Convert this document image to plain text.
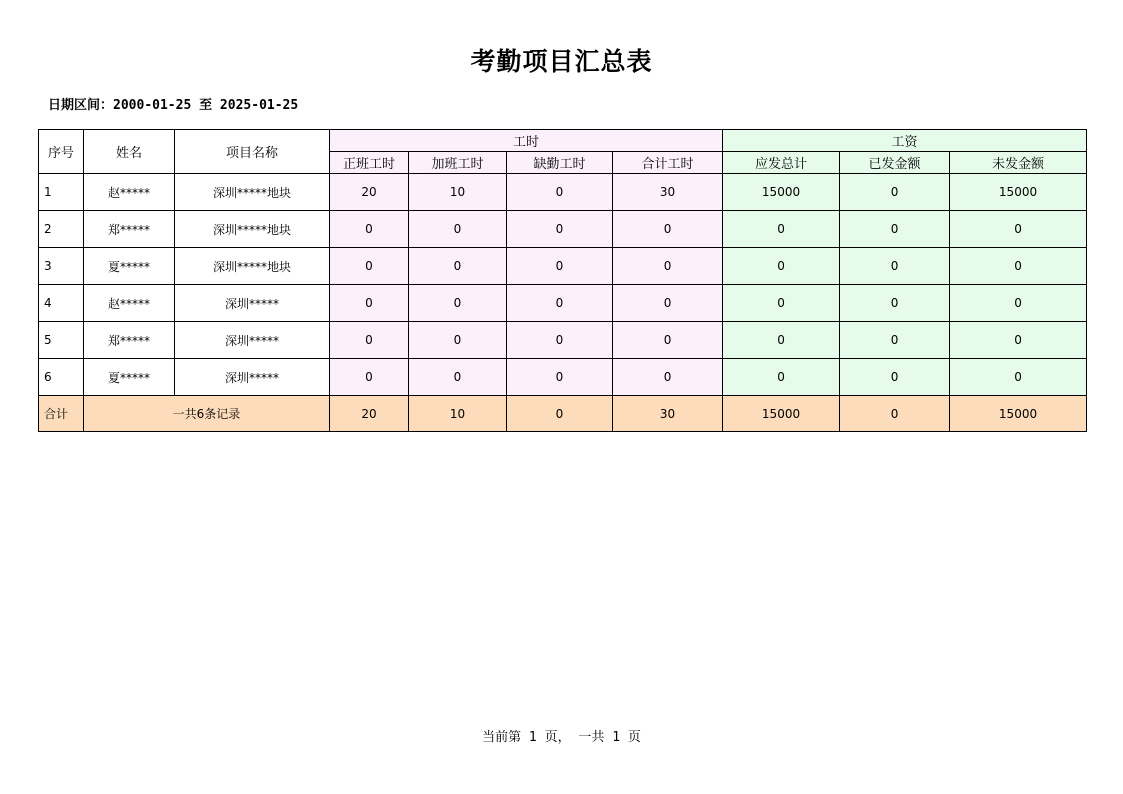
考勤项目汇总表
日期区间：2000-01-25 至 2025-01-25
序号	姓名	项目名称	工时				工资		
			正班工时	加班工时	缺勤工时	合计工时	应发总计	已发金额	未发金额
1	赵*****	深圳*****地块	20	10	0	30	15000	0	15000
2	郑*****	深圳*****地块	0	0	0	0	0	0	0
3	夏*****	深圳*****地块	0	0	0	0	0	0	0
4	赵*****	深圳*****	0	0	0	0	0	0	0
5	郑*****	深圳*****	0	0	0	0	0	0	0
6	夏*****	深圳*****	0	0	0	0	0	0	0
合计	一共6条记录		20	10	0	30	15000	0	15000
当前第 1 页， 一共 1 页
